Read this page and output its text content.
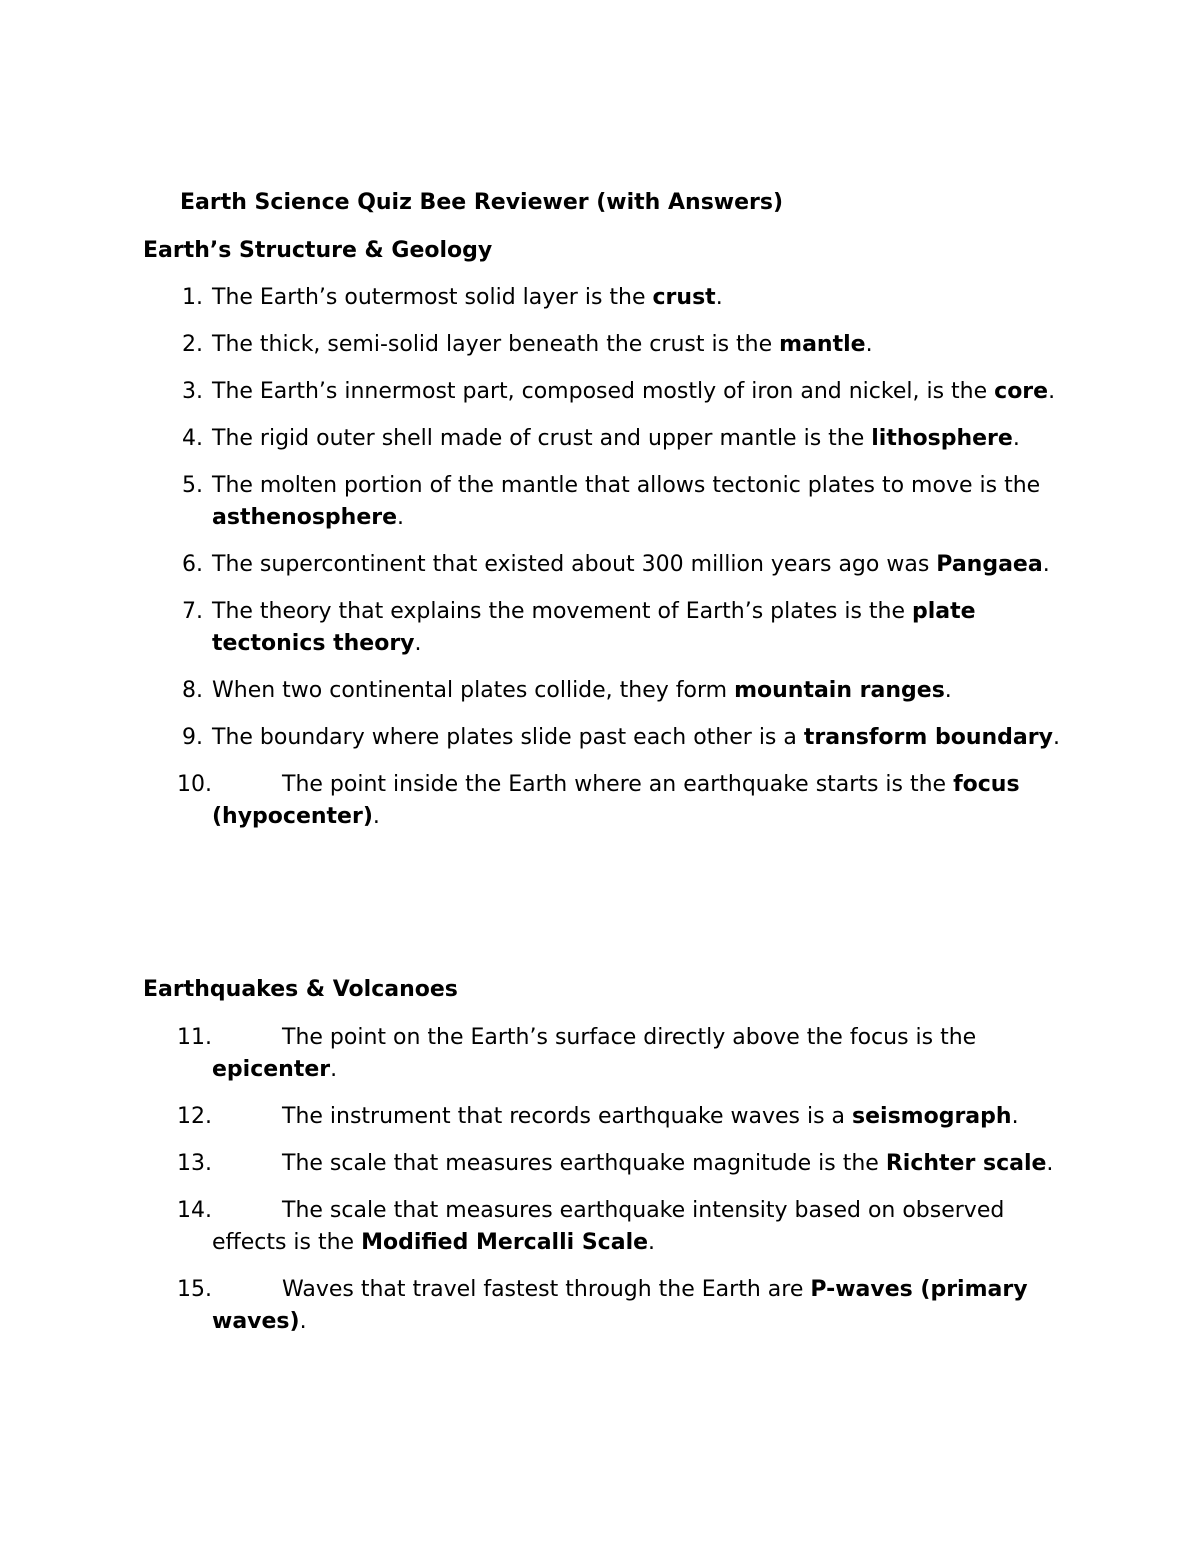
Earth Science Quiz Bee Reviewer (with Answers)
Earth’s Structure & Geology
1. The Earth’s outermost solid layer is the crust.
2. The thick, semi-solid layer beneath the crust is the mantle.
3. The Earth’s innermost part, composed mostly of iron and nickel, is the core.
4. The rigid outer shell made of crust and upper mantle is the lithosphere.
5. The molten portion of the mantle that allows tectonic plates to move is the asthenosphere.
6. The supercontinent that existed about 300 million years ago was Pangaea.
7. The theory that explains the movement of Earth’s plates is the plate tectonics theory.
8. When two continental plates collide, they form mountain ranges.
9. The boundary where plates slide past each other is a transform boundary.
10.	The point inside the Earth where an earthquake starts is the focus (hypocenter).
Earthquakes & Volcanoes
11.	The point on the Earth’s surface directly above the focus is the epicenter.
12.	The instrument that records earthquake waves is a seismograph.
13.	The scale that measures earthquake magnitude is the Richter scale.
14.	The scale that measures earthquake intensity based on observed effects is the Modified Mercalli Scale.
15.	Waves that travel fastest through the Earth are P-waves (primary waves).
